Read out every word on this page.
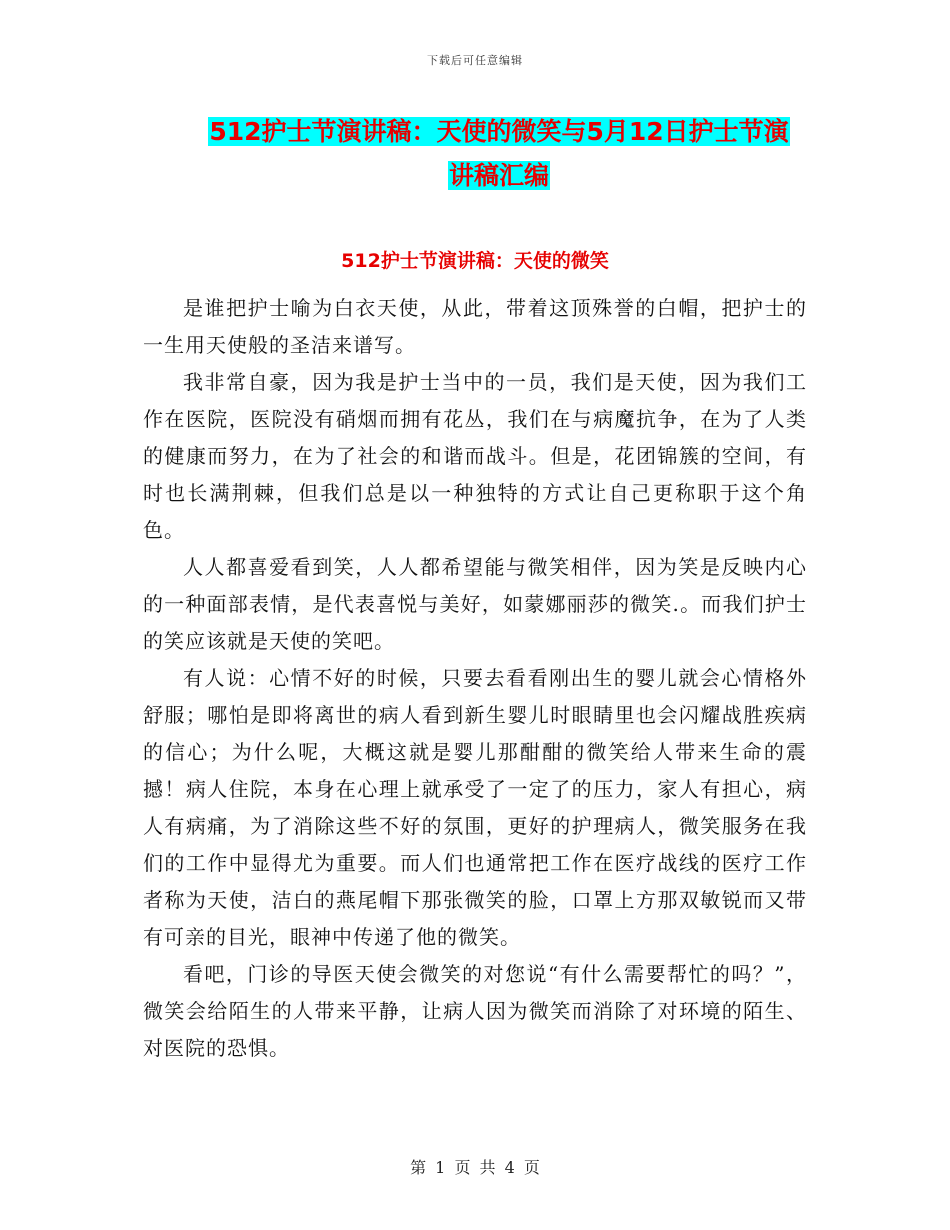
下载后可任意编辑
512护士节演讲稿：天使的微笑与5月12日护士节演
讲稿汇编
512护士节演讲稿：天使的微笑

是谁把护士喻为白衣天使，从此，带着这顶殊誉的白帽，把护士的一生用天使般的圣洁来谱写。

我非常自豪，因为我是护士当中的一员，我们是天使，因为我们工作在医院，医院没有硝烟而拥有花丛，我们在与病魔抗争，在为了人类的健康而努力，在为了社会的和谐而战斗。但是，花团锦簇的空间，有时也长满荆棘，但我们总是以一种独特的方式让自己更称职于这个角色。

人人都喜爱看到笑，人人都希望能与微笑相伴，因为笑是反映内心的一种面部表情，是代表喜悦与美好，如蒙娜丽莎的微笑.。而我们护士的笑应该就是天使的笑吧。

有人说：心情不好的时候，只要去看看刚出生的婴儿就会心情格外舒服；哪怕是即将离世的病人看到新生婴儿时眼睛里也会闪耀战胜疾病的信心；为什么呢，大概这就是婴儿那酣酣的微笑给人带来生命的震撼！病人住院，本身在心理上就承受了一定了的压力，家人有担心，病人有病痛，为了消除这些不好的氛围，更好的护理病人，微笑服务在我们的工作中显得尤为重要。而人们也通常把工作在医疗战线的医疗工作者称为天使，洁白的燕尾帽下那张微笑的脸，口罩上方那双敏锐而又带有可亲的目光，眼神中传递了他的微笑。

看吧，门诊的导医天使会微笑的对您说“有什么需要帮忙的吗？”，微笑会给陌生的人带来平静，让病人因为微笑而消除了对环境的陌生、对医院的恐惧。

第 1 页 共 4 页
